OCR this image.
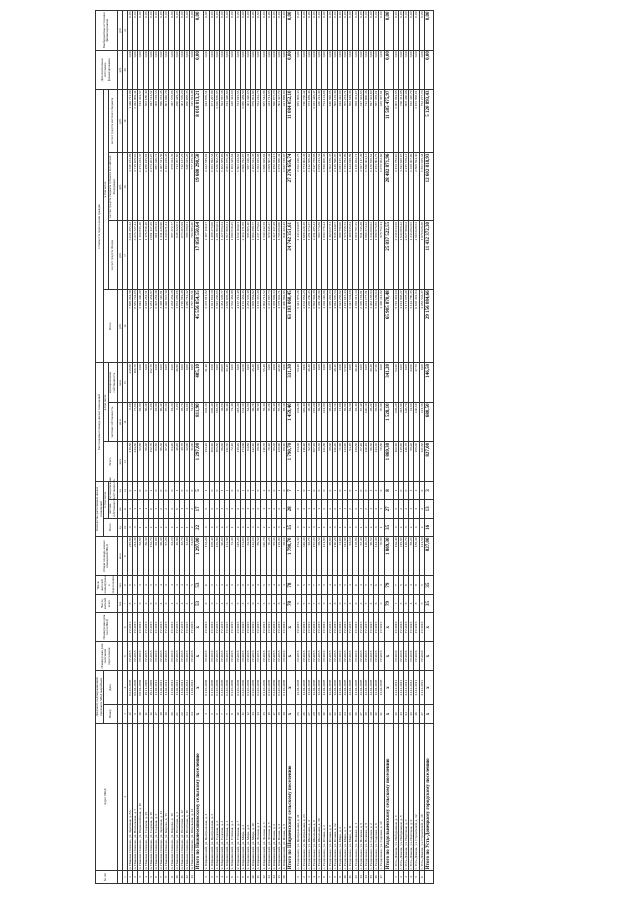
№ п/п	Адрес МКД	Документ, подтверждающий признание МКД аварийным		Планируемая дата окончания переселения	Планируемая дата сноса МКД	Число жителей всего	Число жителей планируемых к переселению	Общая площадь жилых помещений МКД	Количество расселяемых жилых помещений			Расселяемая площадь жилых помещений			Стоимость переселения граждан				Дополнительные источники финансирования	Внебюджетные источники финансирования
		Номер	Дата						Всего	в том числе		Всего	в том числе		Всего	в том числе				
										частная собственность	муниципальная собственность		частная собственность	муниципальная собственность		за счет средств Фонда	за счет средств бюджета субъекта Российской Федерации	за счет средств местного бюджета		
						чел.	чел.	кв.м	ед.	ед.	ед.	кв.м	кв.м	кв.м	руб.	руб.	руб.	руб.	руб.	руб.
1	2	3	4	5	6	7	8	9	10	11	12	13	14	15	16	17	18	19	20	21
1	п. Нижние Осиново, ул. Заречная, д. 8А	1б	03.10.2008	IV.2015	IV.2015	8	8	218,80	3	3	0	218,80	0,00	218,80	7 698 261,50	3 021 295,42	3 330 254,09	1 346 711,99	0,00	0,00
2	п. Нижние Осиново, ул. Вокзальная, д. 7	9	09.04.2009	IV.2015	IV.2015	7	7	244,30	3	1	2	244,30	77,60	166,70	8 585 744,85	3 373 727,41	3 719 108,03	1 492 909,41	0,00	0,00
3	п. Нижние Осиново, ул. Первомайская, д. 10	10	09.04.2009	IV.2015	IV.2015	3	3	82,80	1	1	0	82,80	82,80	0,00	2 942 440,20	1 154 845,26	1 273 233,37	514 361,57	0,00	0,00
4	п. Нижние Осиново, ул. Садовая, д. 29	11	19.11.2009	IV.2015	IV.2015	3	3	86,30	1	1	0	86,30	86,30	0,00	3 028 261,51	1 176 856,10	1 286 225,01	565 180,40	0,00	0,00
5	п. Нижние Осиново, ул. Садовая, д. 16	12	19.11.2009	IV.2015	IV.2015	5	5	152,70	2	0	2	152,70	0,00	152,70	5 281 434,87	2 061 117,28	2 273 203,07	947 114,52	0,00	0,00
6	п. Нижние Осиново, ул. Садовая, д. 5	17	11.02.2011	IV.2015	IV.2015	3	3	65,80	1	1	0	65,80	65,80	0,00	2 305 284,36	901 228,12	997 326,71	406 729,53	0,00	0,00
7	п. Нижние Осиново, ул. Заречная, д. 12	18	11.02.2011	IV.2015	IV.2015	4	4	96,30	2	2	0	96,30	96,30	0,00	3 395 110,91	1 331 226,96	1 467 511,50	596 372,45	0,00	0,00
8	п. Нижние Осиново, ул. Кирова, д. 15	19	11.02.2011	IV.2015	IV.2015	3	3	97,20	2	2	0	97,20	97,20	0,00	3 426 847,50	1 343 671,31	1 481 229,43	601 946,76	0,00	0,00
9	п. Нижние Осиново, ул. Кирова, д. 18	20	11.02.2011	IV.2015	IV.2015	4	4	64,20	2	2	0	64,20	64,20	0,00	2 263 384,18	887 472,77	978 333,35	397 578,06	0,00	0,00
10	п. Нижние Осиново, ул. Почтовая, д. 3	21	11.02.2011	IV.2015	IV.2015	3	3	46,90	1	0	1	46,90	0,00	46,90	1 653 459,06	648 322,01	714 707,60	290 429,45	0,00	0,00
11	п. Нижние Осиново, ул. Почтовая, д. 12	22	11.02.2011	IV.2015	IV.2015	4	4	48,70	1	1	0	48,70	48,70	0,00	1 716 919,48	673 205,99	742 137,25	301 576,24	0,00	0,00
12	п. Нижние Осиново, ул. Почтовая, д. 16	23	11.02.2011	IV.2015	IV.2015	4	4	42,00	1	1	0	42,00	42,00	0,00	1 480 712,42	580 588,81	640 035,26	260 088,35	0,00	0,00
13	п. Нижние Осиново, ул. Школьная, д. 14	24	11.02.2011	IV.2015	IV.2015	5	5	51,00	2	2	0	51,00	51,00	0,00	1 797 993,51	704 993,20	777 185,82	315 814,49	0,00	0,00
	Итого по Нижнеосиновскому сельскому поселению	х	х	х	х	53	53	1 297,00	22	17	5	1 297,00	811,90	485,10	45 556 854,35	17 858 550,64	19 680 290,50	8 018 013,21	0,00	0,00
1	х. Ширяевский, ул. Центральная, д. 3	3	01.10.2009	IV.2015	IV.2015	6	6	153,20	3	2	1	153,20	102,10	51,10	5 373 811,82	2 107 116,27	2 322 819,04	943 876,51	0,00	0,00
2	х. Ширяевский, ул. Центральная, д. 5	5	01.10.2009	IV.2015	IV.2015	5	5	108,40	2	2	0	108,40	108,40	0,00	3 821 664,19	1 498 473,66	1 651 892,54	671 297,99	0,00	0,00
3	х. Ширяевский, ул. Садовая, д. 2	6	01.10.2009	IV.2015	IV.2015	7	7	165,80	3	3	0	165,80	165,80	0,00	5 845 236,65	2 291 963,01	2 526 602,79	1 026 670,85	0,00	0,00
4	х. Ширяевский, ул. Садовая, д. 4	7	01.10.2009	IV.2015	IV.2015	4	4	96,00	2	1	1	96,00	48,00	48,00	3 384 538,77	1 327 053,33	1 462 888,06	594 597,38	0,00	0,00
5	х. Ширяевский, ул. Степная, д. 1	8	01.10.2009	IV.2015	IV.2015	6	6	131,50	3	2	1	131,50	86,40	45,10	4 636 005,36	1 817 809,31	2 003 875,45	814 320,60	0,00	0,00
6	х. Ширяевский, ул. Степная, д. 3	9	01.10.2009	IV.2015	IV.2015	3	3	72,40	1	1	0	72,40	72,40	0,00	2 552 462,99	1 000 810,25	1 103 329,64	448 323,10	0,00	0,00
7	х. Ширяевский, ул. Степная, д. 7	10	01.10.2009	IV.2015	IV.2015	5	5	118,20	2	2	0	118,20	118,20	0,00	4 167 212,48	1 634 163,01	1 801 233,62	731 815,85	0,00	0,00
8	х. Ширяевский, ул. Мира, д. 2	11	01.10.2009	IV.2015	IV.2015	8	8	174,60	4	3	1	174,60	131,10	43,50	6 155 453,45	2 414 171,88	2 660 792,07	1 080 489,50	0,00	0,00
9	х. Ширяевский, ул. Мира, д. 6	12	01.10.2009	IV.2015	IV.2015	3	3	64,80	1	1	0	64,80	64,80	0,00	2 284 535,49	895 805,10	987 410,31	401 320,08	0,00	0,00
10	х. Ширяевский, ул. Мира, д. 10	13	01.10.2009	IV.2015	IV.2015	6	6	142,10	3	2	1	142,10	96,70	45,40	5 009 854,92	1 964 399,77	2 165 523,35	879 931,80	0,00	0,00
11	х. Ширяевский, ул. Лесная, д. 1	14	01.10.2009	IV.2015	IV.2015	4	4	89,50	2	2	0	89,50	89,50	0,00	3 155 357,28	1 237 178,62	1 363 935,88	554 242,78	0,00	0,00
12	х. Ширяевский, ул. Лесная, д. 3	15	01.10.2009	IV.2015	IV.2015	5	5	110,70	2	1	1	110,70	55,30	55,40	3 902 714,52	1 530 242,59	1 686 929,04	685 542,89	0,00	0,00
13	х. Ширяевский, ул. Лесная, д. 5	16	01.10.2009	IV.2015	IV.2015	3	3	70,20	1	1	0	70,20	70,20	0,00	2 474 897,73	970 348,47	1 069 807,41	434 741,85	0,00	0,00
14	х. Ширяевский, ул. Новая, д. 2	17	01.10.2009	IV.2015	IV.2015	4	4	95,30	2	2	0	95,30	95,30	0,00	3 359 849,14	1 317 417,29	1 452 354,15	590 077,70	0,00	0,00
15	х. Ширяевский, ул. Новая, д. 4	18	01.10.2009	IV.2015	IV.2015	6	6	129,90	3	2	1	129,90	87,10	42,80	4 579 602,71	1 795 694,60	1 979 580,41	804 327,70	0,00	0,00
16	х. Ширяевский, ул. Новая, д. 8	19	01.10.2009	IV.2015	IV.2015	3	3	68,10	1	1	0	68,10	68,10	0,00	2 400 862,95	941 424,15	1 037 738,97	421 699,83	0,00	0,00
	Итого по Ширяевскому сельскому поселению	х	х	х	х	78	78	1 790,70	35	28	7	1 790,70	1 459,40	331,30	63 103 060,45	24 742 351,61	27 276 656,74	11 084 052,10	0,00	0,00
1	с. Раздольное, ул. Центральная, д. 21	25	14.04.2008	IV.2015	IV.2015	6	6	154,30	3	2	1	154,30	101,20	53,10	5 441 975,26	2 133 843,08	2 352 226,75	955 905,43	0,00	0,00
2	с. Раздольное, ул. Центральная, д. 23	26	14.04.2008	IV.2015	IV.2015	5	5	116,40	2	2	0	116,40	116,40	0,00	4 103 853,25	1 609 220,38	1 773 902,45	720 730,42	0,00	0,00
3	с. Раздольное, ул. Школьная, д. 4	27	14.04.2008	IV.2015	IV.2015	4	4	92,70	2	1	1	92,70	46,30	46,40	3 268 230,45	1 281 574,37	1 412 566,62	574 089,46	0,00	0,00
4	с. Раздольное, ул. Школьная, д. 6	28	14.04.2008	IV.2015	IV.2015	7	7	167,20	3	3	0	167,20	167,20	0,00	5 894 592,38	2 311 385,23	2 547 758,68	1 035 448,47	0,00	0,00
5	с. Раздольное, ул. Школьная, д. 10	29	14.04.2008	IV.2015	IV.2015	3	3	69,50	1	1	0	69,50	69,50	0,00	2 450 200,80	960 773,86	1 059 213,54	430 213,40	0,00	0,00
6	с. Раздольное, ул. Речная, д. 2	30	14.04.2008	IV.2015	IV.2015	5	5	121,80	2	2	0	121,80	121,80	0,00	4 294 110,66	1 683 776,24	1 856 200,36	754 134,06	0,00	0,00
7	с. Раздольное, ул. Речная, д. 8	31	14.04.2008	IV.2015	IV.2015	4	4	98,60	2	2	0	98,60	98,60	0,00	3 476 203,23	1 363 027,81	1 502 576,47	610 598,95	0,00	0,00
8	с. Раздольное, ул. Речная, д. 12	32	14.04.2008	IV.2015	IV.2015	6	6	140,20	3	2	1	140,20	94,10	46,10	4 942 870,53	1 938 144,07	2 136 590,97	868 135,49	0,00	0,00
9	с. Раздольное, ул. Мира, д. 3	33	14.04.2008	IV.2015	IV.2015	3	3	71,60	1	1	0	71,60	71,60	0,00	2 524 258,92	989 790,66	1 091 125,43	443 342,83	0,00	0,00
10	с. Раздольное, ул. Мира, д. 7	34	14.04.2008	IV.2015	IV.2015	5	5	113,90	2	1	1	113,90	56,90	57,00	4 015 615,44	1 574 558,74	1 735 782,99	705 273,71	0,00	0,00
11	с. Раздольное, ул. Мира, д. 11	35	14.04.2008	IV.2015	IV.2015	4	4	94,10	2	2	0	94,10	94,10	0,00	3 317 534,09	1 300 835,84	1 434 048,89	582 649,36	0,00	0,00
12	с. Раздольное, ул. Полевая, д. 1	36	14.04.2008	IV.2015	IV.2015	6	6	138,80	3	2	1	138,80	92,40	46,40	4 893 511,13	1 918 797,35	2 115 262,71	859 451,07	0,00	0,00
13	с. Раздольное, ул. Полевая, д. 5	37	14.04.2008	IV.2015	IV.2015	3	3	67,40	1	1	0	67,40	67,40	0,00	2 376 184,81	931 745,39	1 027 117,39	417 322,03	0,00	0,00
14	с. Раздольное, ул. Полевая, д. 9	38	14.04.2008	IV.2015	IV.2015	5	5	120,10	2	2	0	120,10	120,10	0,00	4 234 177,81	1 660 274,32	1 830 303,13	743 600,36	0,00	0,00
15	с. Раздольное, ул. Садовая, д. 2	39	14.04.2008	IV.2015	IV.2015	4	4	96,50	2	1	1	96,50	48,20	48,30	3 402 158,84	1 334 066,63	1 470 658,61	597 433,60	0,00	0,00
16	с. Раздольное, ул. Садовая, д. 6	40	14.04.2008	IV.2015	IV.2015	6	6	143,30	3	2	1	143,30	95,80	47,50	5 052 139,64	1 980 975,88	2 183 804,75	887 359,01	0,00	0,00
17	с. Раздольное, ул. Садовая, д. 10	41	14.04.2008	IV.2015	IV.2015	3	3	70,80	1	1	0	70,80	70,80	0,00	2 496 112,92	978 752,41	1 078 962,60	438 397,91	0,00	0,00
	Итого по Раздольненскому сельскому поселению	х	х	х	х	79	79	1 869,30	35	27	8	1 869,30	1 528,10	341,20	65 905 870,48	25 837 522,55	28 482 871,96	11 585 475,97	0,00	0,00
1	г. Усть-Донецк, ул. Набережная, д. 4	42	21.12.2011	IV.2016	IV.2016	7	7	162,40	3	2	1	162,40	108,20	54,20	5 725 391,63	2 245 014,58	2 474 782,10	1 005 594,95	0,00	0,00
2	г. Усть-Донецк, ул. Набережная, д. 8	43	21.12.2011	IV.2016	IV.2016	5	5	118,90	2	2	0	118,90	118,90	0,00	4 191 908,27	1 643 668,22	1 811 928,07	736 311,98	0,00	0,00
3	г. Усть-Донецк, ул. Портовая, д. 3	44	21.12.2011	IV.2016	IV.2016	6	6	146,70	3	3	0	146,70	146,70	0,00	5 171 978,20	2 027 969,02	2 235 579,12	908 430,06	0,00	0,00
4	г. Усть-Донецк, ул. Портовая, д. 9	45	21.12.2011	IV.2016	IV.2016	4	4	89,20	2	1	1	89,20	44,60	44,60	3 144 780,35	1 233 062,65	1 359 307,00	552 410,70	0,00	0,00
5	г. Усть-Донецк, ул. Строителей, д. 12	46	21.12.2011	IV.2016	IV.2016	8	8	188,30	4	3	1	188,30	140,60	47,70	6 638 491,84	2 603 029,53	2 869 594,30	1 165 868,01	0,00	0,00
6	г. Усть-Донецк, ул. Строителей, д. 16	47	21.12.2011	IV.2016	IV.2016	5	5	121,50	2	2	0	121,50	121,50	0,00	4 283 534,37	1 679 628,30	1 851 628,34	752 277,73	0,00	0,00
	Итого по Усть-Донецкому городскому поселению	х	х	х	х	35	35	827,00	16	13	3	827,00	680,50	146,50	29 156 084,66	11 432 372,30	12 602 818,93	5 120 893,43	0,00	0,00
